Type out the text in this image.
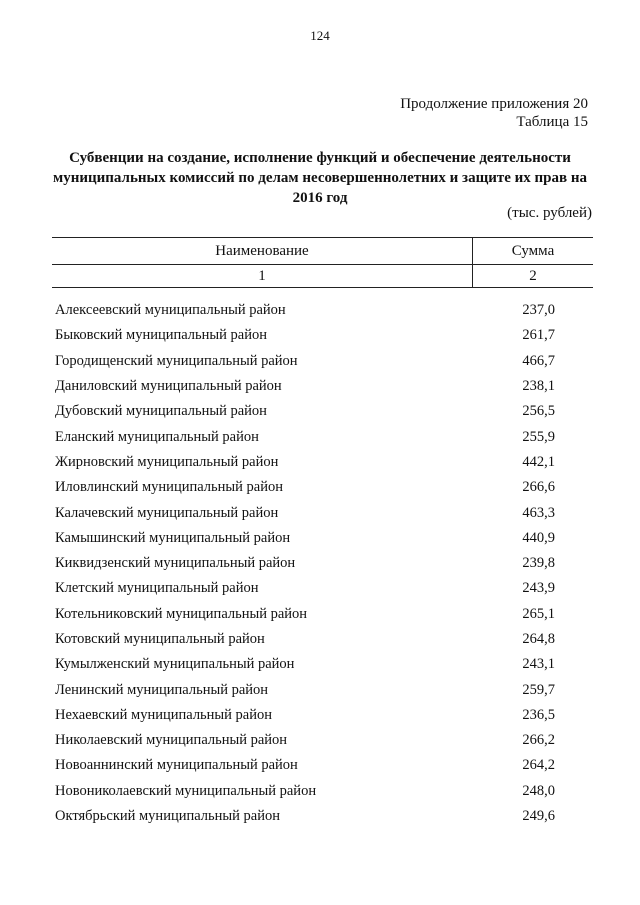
124
Продолжение приложения 20
Таблица 15
Субвенции на создание, исполнение функций и обеспечение деятельности муниципальных комиссий по делам несовершеннолетних и защите их прав на 2016 год
(тыс. рублей)
Наименование	Сумма
1	2
Алексеевский муниципальный район	237,0
Быковский муниципальный район	261,7
Городищенский муниципальный район	466,7
Даниловский муниципальный район	238,1
Дубовский муниципальный район	256,5
Еланский муниципальный район	255,9
Жирновский муниципальный район	442,1
Иловлинский муниципальный район	266,6
Калачевский муниципальный район	463,3
Камышинский муниципальный район	440,9
Киквидзенский муниципальный район	239,8
Клетский муниципальный район	243,9
Котельниковский муниципальный район	265,1
Котовский муниципальный район	264,8
Кумылженский муниципальный район	243,1
Ленинский муниципальный район	259,7
Нехаевский муниципальный район	236,5
Николаевский муниципальный район	266,2
Новоаннинский муниципальный район	264,2
Новониколаевский муниципальный район	248,0
Октябрьский муниципальный район	249,6
